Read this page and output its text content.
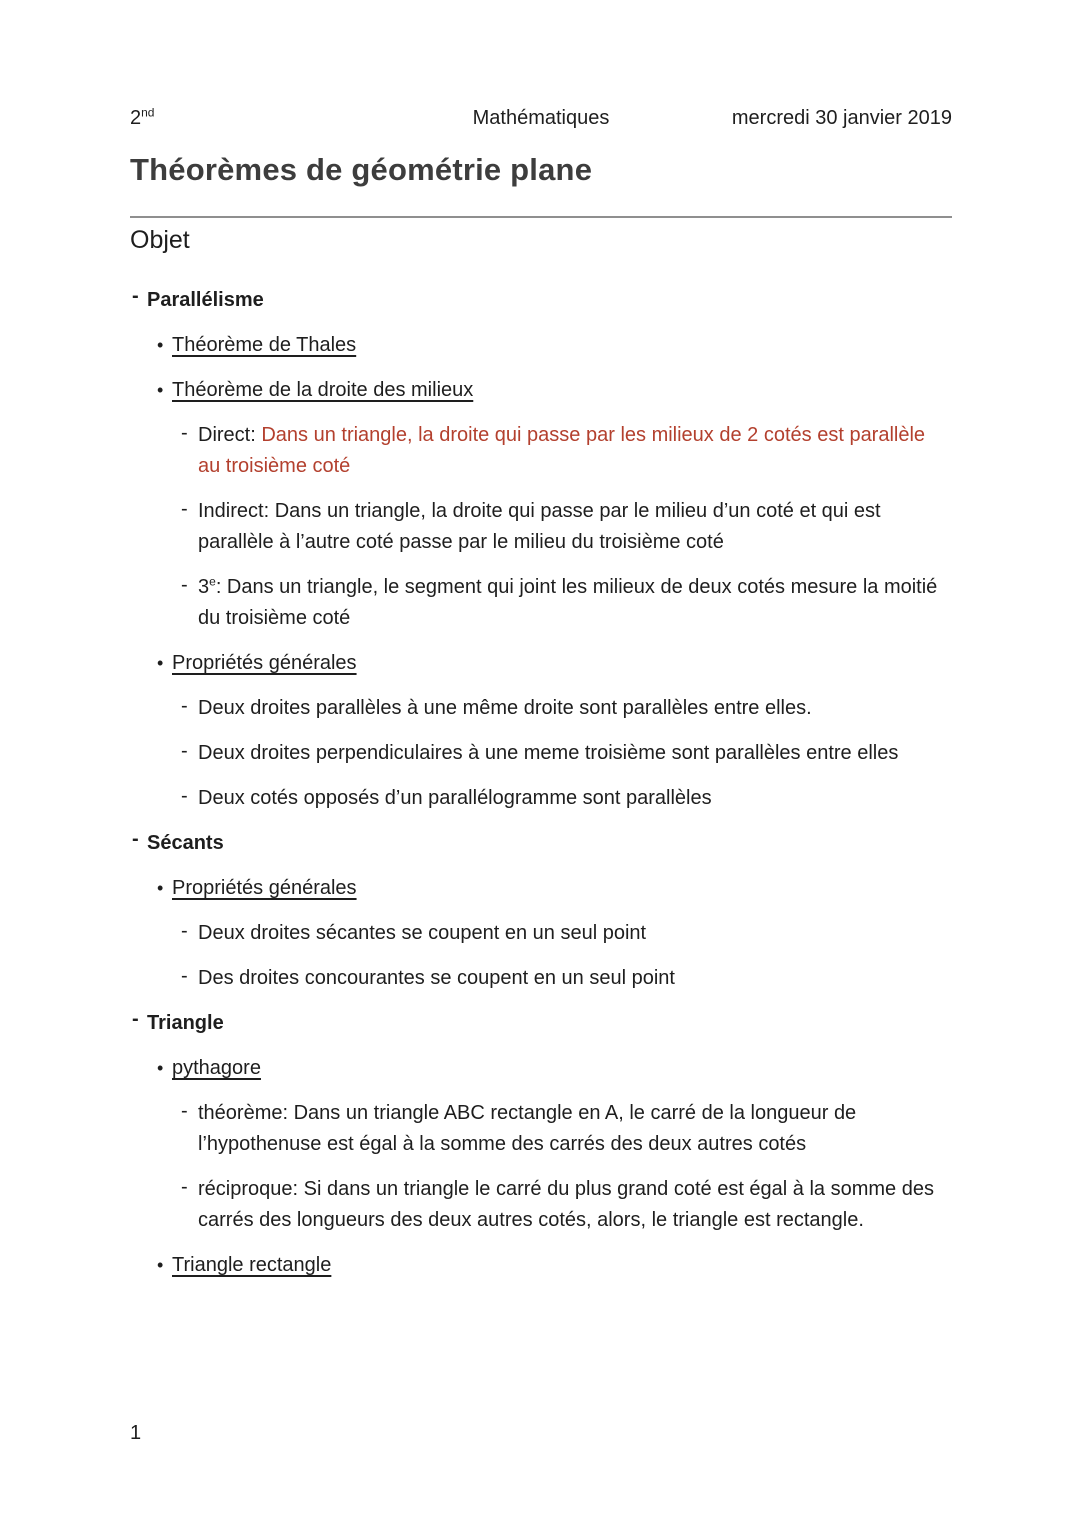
2nd	Mathématiques	mercredi 30 janvier 2019
Théorèmes de géométrie plane
Objet
- Parallélisme
• Théorème de Thales
• Théorème de la droite des milieux
- Direct: Dans un triangle, la droite qui passe par les milieux de 2 cotés est parallèle au troisième coté
- Indirect: Dans un triangle, la droite qui passe par le milieu d’un coté et qui est parallèle à l’autre coté passe par le milieu du troisième coté
- 3e: Dans un triangle, le segment qui joint les milieux de deux cotés mesure la moitié du troisième coté
• Propriétés générales
- Deux droites parallèles à une même droite sont parallèles entre elles.
- Deux droites perpendiculaires à une meme troisième sont parallèles entre elles
- Deux cotés opposés d’un parallélogramme sont parallèles
- Sécants
• Propriétés générales
- Deux droites sécantes se coupent en un seul point
- Des droites concourantes se coupent en un seul point
- Triangle
• pythagore
- théorème: Dans un triangle ABC rectangle en A, le carré de la longueur de l’hypothenuse est égal à la somme des carrés des deux autres cotés
- réciproque: Si dans un triangle le carré du plus grand coté est égal à la somme des carrés des longueurs des deux autres cotés, alors, le triangle est rectangle.
• Triangle rectangle
1
